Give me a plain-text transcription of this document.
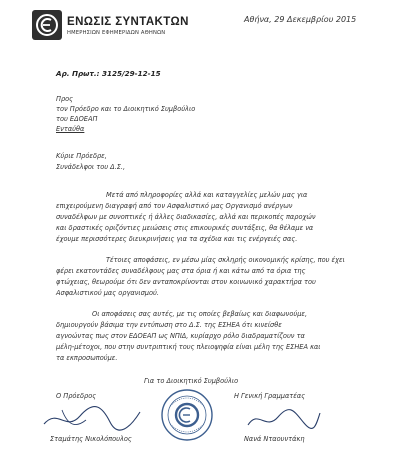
ΕΝΩΣΙΣ ΣΥΝΤΑΚΤΩΝ
ΗΜΕΡΗΣΙΩΝ ΕΦΗΜΕΡΙΔΩΝ ΑΘΗΝΩΝ
Αθήνα, 29 Δεκεμβρίου 2015
Αρ. Πρωτ.: 3125/29-12-15
Προς
τον Πρόεδρο και το Διοικητικό Συμβούλιο
του ΕΔΟΕΑΠ
Ενταύθα
Κύριε Πρόεδρε,
Συνάδελφοι του Δ.Σ.,
Μετά από πληροφορίες αλλά και καταγγελίες μελών μας για
επιχειρούμενη διαγραφή από τον Ασφαλιστικό μας Οργανισμό ανέργων
συναδέλφων με συνοπτικές ή άλλες διαδικασίες, αλλά και περικοπές παροχών
και δραστικές οριζόντιες μειώσεις στις επικουρικές συντάξεις, θα θέλαμε να
έχουμε περισσότερες διευκρινήσεις για τα σχέδια και τις ενέργειές σας.
Τέτοιες αποφάσεις, εν μέσω μίας σκληρής οικονομικής κρίσης, που έχει
φέρει εκατοντάδες συναδέλφους μας στα όρια ή και κάτω από τα όρια της
φτώχειας, θεωρούμε ότι δεν ανταποκρίνονται στον κοινωνικό χαρακτήρα του
Ασφαλιστικού μας οργανισμού.
Οι αποφάσεις σας αυτές, με τις οποίες βεβαίως και διαφωνούμε,
δημιουργούν βάσιμα την εντύπωση στο Δ.Σ. της ΕΣΗΕΑ ότι κινείσθε
αγνοώντας πως στον ΕΔΟΕΑΠ ως ΝΠΙΔ, κυρίαρχο ρόλο διαδραματίζουν τα
μέλη-μέτοχοι, που στην συντριπτική τους πλειοψηφία είναι μέλη της ΕΣΗΕΑ και
τα εκπροσωπούμε.
Για το Διοικητικό Συμβούλιο
Ο Πρόεδρος	Η Γενική Γραμματέας
Σταμάτης Νικολόπουλος	Νανά Νταουντάκη
